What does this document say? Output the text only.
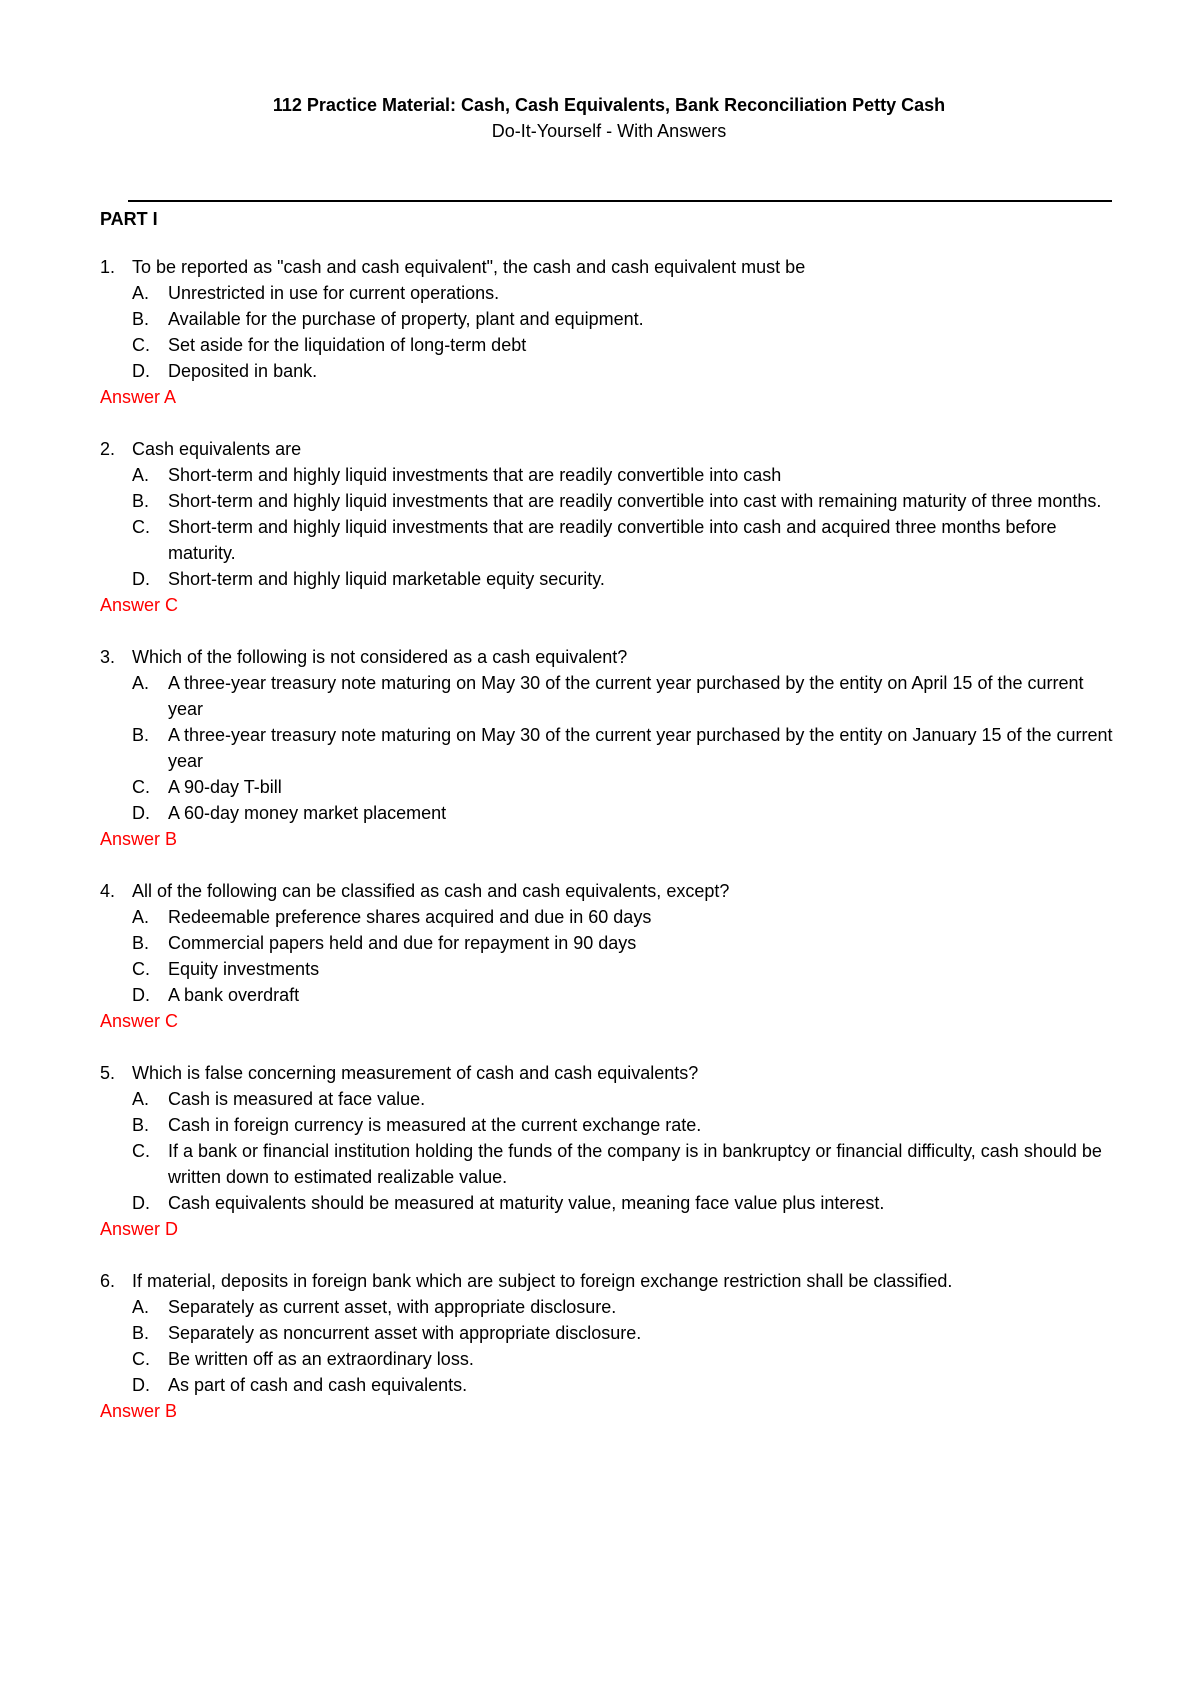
112 Practice Material: Cash, Cash Equivalents, Bank Reconciliation Petty Cash
Do-It-Yourself - With Answers
PART I
1. To be reported as "cash and cash equivalent", the cash and cash equivalent must be
A.	Unrestricted in use for current operations.
B.	Available for the purchase of property, plant and equipment.
C.	Set aside for the liquidation of long-term debt
D.	Deposited in bank.
Answer A
2. Cash equivalents are
A.	Short-term and highly liquid investments that are readily convertible into cash
B.	Short-term and highly liquid investments that are readily convertible into cast with remaining maturity of three months.
C.	Short-term and highly liquid investments that are readily convertible into cash and acquired three months before maturity.
D.	Short-term and highly liquid marketable equity security.
Answer C
3. Which of the following is not considered as a cash equivalent?
A.	A three-year treasury note maturing on May 30 of the current year purchased by the entity on April 15 of the current year
B.	A three-year treasury note maturing on May 30 of the current year purchased by the entity on January 15 of the current year
C.	A 90-day T-bill
D.	A 60-day money market placement
Answer B
4. All of the following can be classified as cash and cash equivalents, except?
A.	Redeemable preference shares acquired and due in 60 days
B.	Commercial papers held and due for repayment in 90 days
C.	Equity investments
D.	A bank overdraft
Answer C
5. Which is false concerning measurement of cash and cash equivalents?
A.	Cash is measured at face value.
B.	Cash in foreign currency is measured at the current exchange rate.
C.	If a bank or financial institution holding the funds of the company is in bankruptcy or financial difficulty, cash should be written down to estimated realizable value.
D.	Cash equivalents should be measured at maturity value, meaning face value plus interest.
Answer D
6. If material, deposits in foreign bank which are subject to foreign exchange restriction shall be classified.
A.	Separately as current asset, with appropriate disclosure.
B.	Separately as noncurrent asset with appropriate disclosure.
C.	Be written off as an extraordinary loss.
D.	As part of cash and cash equivalents.
Answer B
